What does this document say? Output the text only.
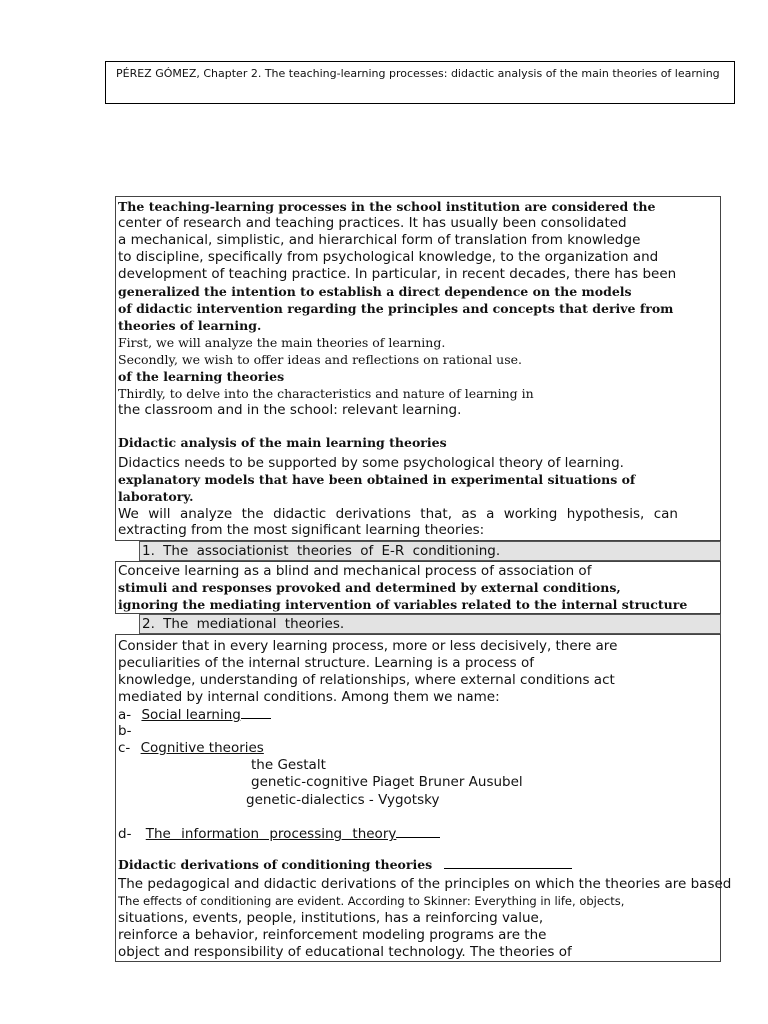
PÉREZ GÓMEZ, Chapter 2. The teaching-learning processes: didactic analysis of the main theories of learning
The teaching-learning processes in the school institution are considered the
center of research and teaching practices. It has usually been consolidated
a mechanical, simplistic, and hierarchical form of translation from knowledge
to discipline, specifically from psychological knowledge, to the organization and
development of teaching practice. In particular, in recent decades, there has been
generalized the intention to establish a direct dependence on the models
of didactic intervention regarding the principles and concepts that derive from
theories of learning.
First, we will analyze the main theories of learning.
Secondly, we wish to offer ideas and reflections on rational use.
of the learning theories
Thirdly, to delve into the characteristics and nature of learning in
the classroom and in the school: relevant learning.
Didactic analysis of the main learning theories
Didactics needs to be supported by some psychological theory of learning.
explanatory models that have been obtained in experimental situations of
laboratory.
We will analyze the didactic derivations that, as a working hypothesis, can
extracting from the most significant learning theories:
1. The associationist theories of E-R conditioning.
Conceive learning as a blind and mechanical process of association of
stimuli and responses provoked and determined by external conditions,
ignoring the mediating intervention of variables related to the internal structure
2. The mediational theories.
Consider that in every learning process, more or less decisively, there are
peculiarities of the internal structure. Learning is a process of
knowledge, understanding of relationships, where external conditions act
mediated by internal conditions. Among them we name:
a- Social learning
b-
c- Cognitive theories
the Gestalt
genetic-cognitive Piaget Bruner Ausubel
genetic-dialectics - Vygotsky
d- The information processing theory
Didactic derivations of conditioning theories
The pedagogical and didactic derivations of the principles on which the theories are based
The effects of conditioning are evident. According to Skinner: Everything in life, objects,
situations, events, people, institutions, has a reinforcing value,
reinforce a behavior, reinforcement modeling programs are the
object and responsibility of educational technology. The theories of
